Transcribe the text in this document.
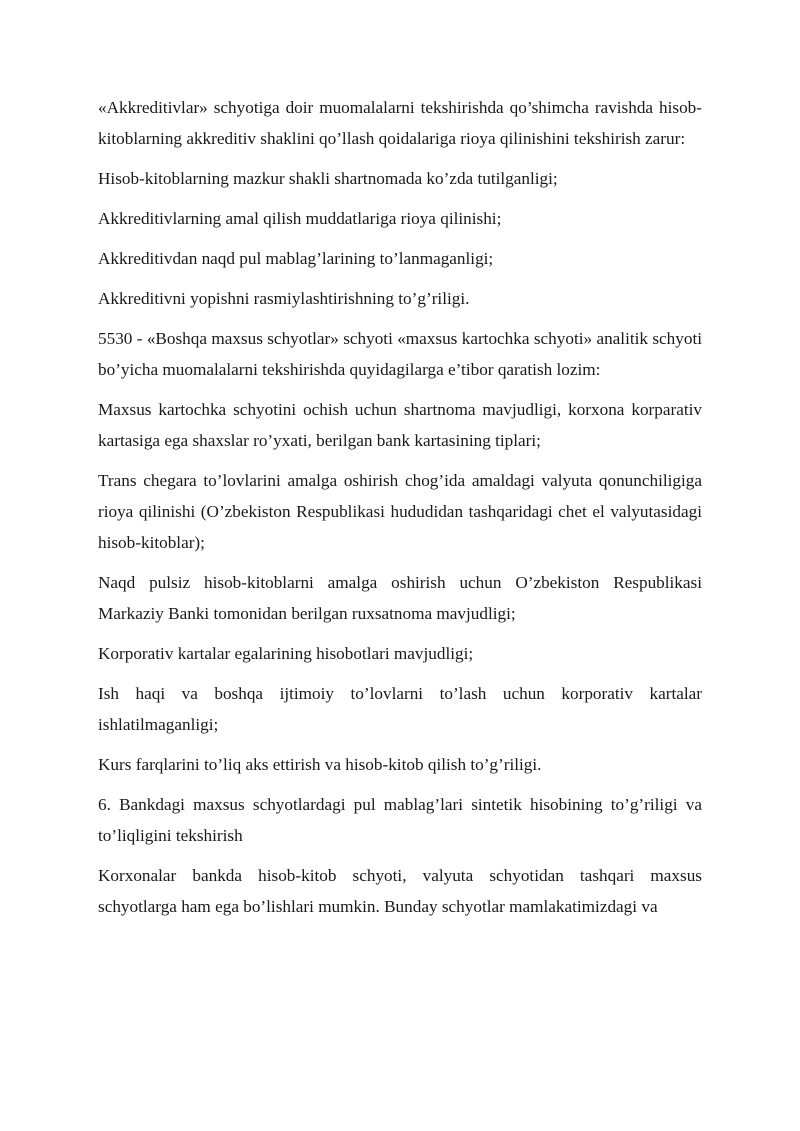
«Akkreditivlar» schyotiga doir muomalalarni tekshirishda qo’shimcha ravishda hisob-kitoblarning akkreditiv shaklini qo’llash qoidalariga rioya qilinishini tekshirish zarur:

Hisob-kitoblarning mazkur shakli shartnomada ko’zda tutilganligi;

Akkreditivlarning amal qilish muddatlariga rioya qilinishi;

Akkreditivdan naqd pul mablag’larining to’lanmaganligi;

Akkreditivni yopishni rasmiylashtirishning to’g’riligi.

5530 - «Boshqa maxsus schyotlar» schyoti «maxsus kartochka schyoti» analitik schyoti bo’yicha muomalalarni tekshirishda quyidagilarga e’tibor qaratish lozim:

Maxsus kartochka schyotini ochish uchun shartnoma mavjudligi, korxona korparativ kartasiga ega shaxslar ro’yxati, berilgan bank kartasining tiplari;

Trans chegara to’lovlarini amalga oshirish chog’ida amaldagi valyuta qonunchiligiga rioya qilinishi (O’zbekiston Respublikasi hududidan tashqaridagi chet el valyutasidagi hisob-kitoblar);

Naqd pulsiz hisob-kitoblarni amalga oshirish uchun O’zbekiston Respublikasi Markaziy Banki tomonidan berilgan ruxsatnoma mavjudligi;

Korporativ kartalar egalarining hisobotlari mavjudligi;

Ish haqi va boshqa ijtimoiy to’lovlarni to’lash uchun korporativ kartalar ishlatilmaganligi;

Kurs farqlarini to’liq aks ettirish va hisob-kitob qilish to’g’riligi.

6. Bankdagi maxsus schyotlardagi pul mablag’lari sintetik hisobining to’g’riligi va to’liqligini tekshirish

Korxonalar bankda hisob-kitob schyoti, valyuta schyotidan tashqari maxsus schyotlarga ham ega bo’lishlari mumkin. Bunday schyotlar mamlakatimizdagi va
